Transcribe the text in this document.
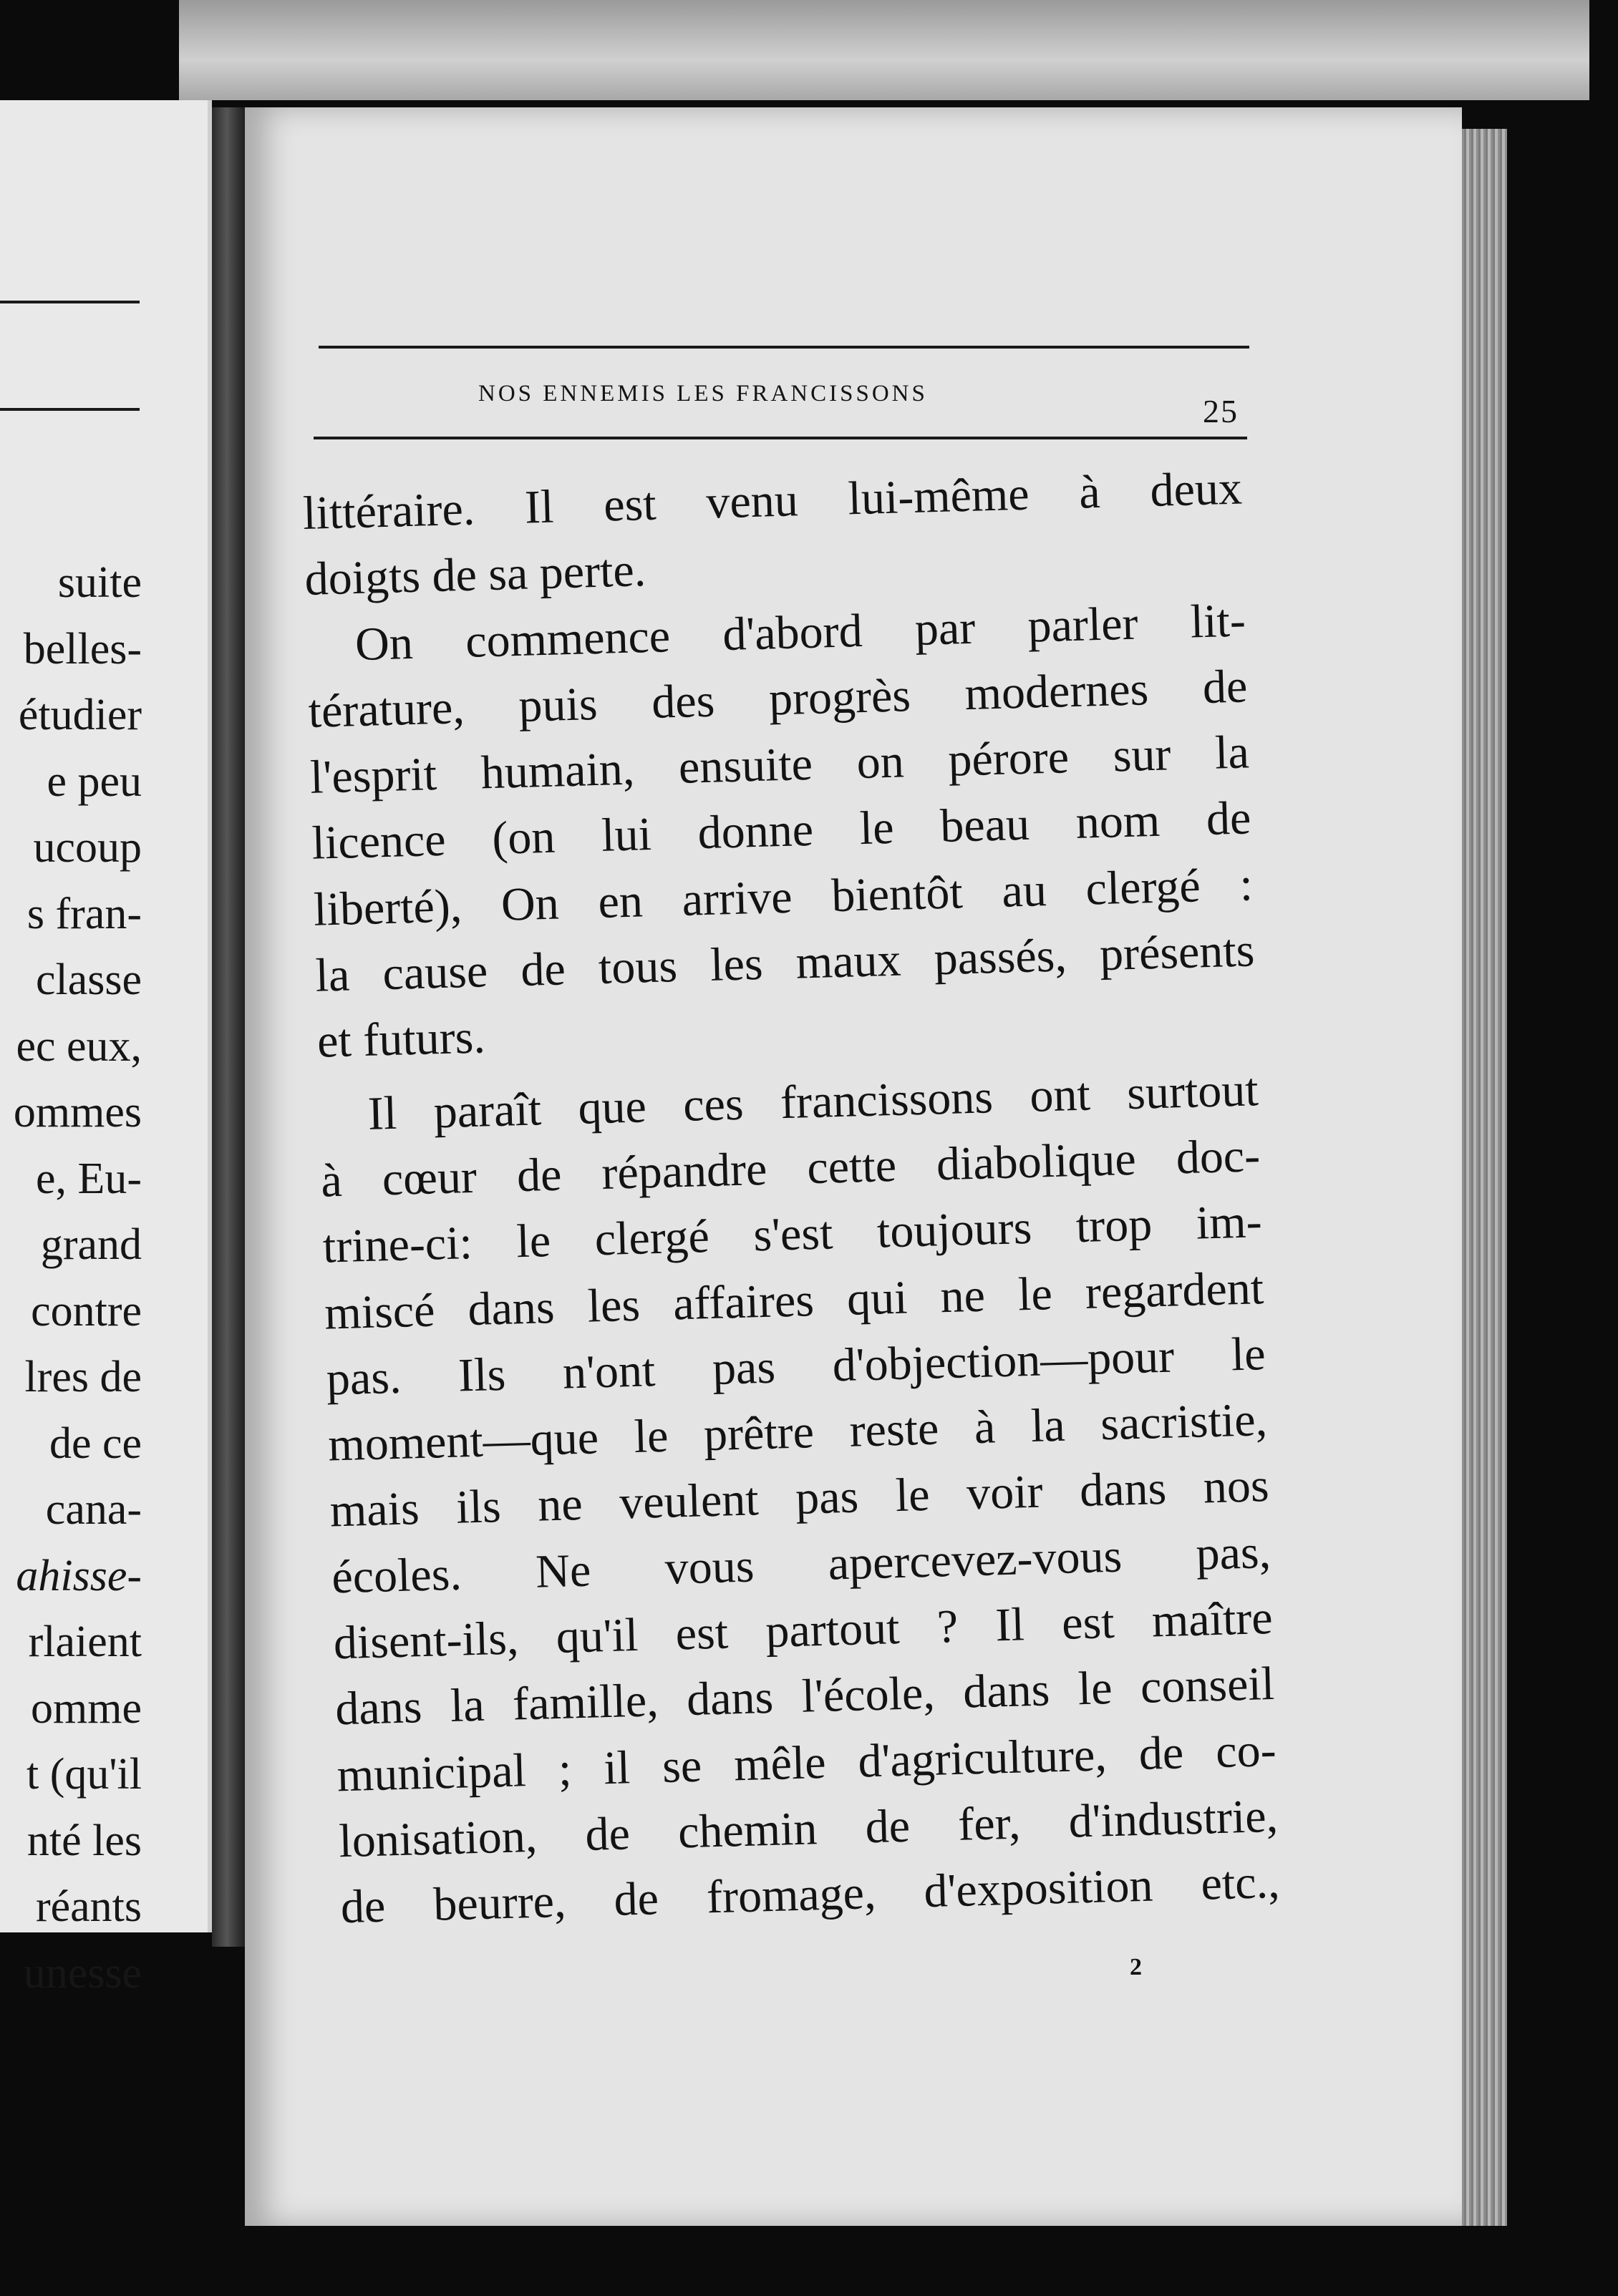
suite
belles-
étudier
e peu
ucoup
s fran-
classe
ec eux,
ommes
e, Eu-
grand
contre
lres de
de ce
cana-
ahisse-
rlaient
omme
t (qu'il
nté les
réants
unesse
NOS ENNEMIS LES FRANCISSONS	25
littéraire. Il est venu lui-même à deux
doigts de sa perte.
On commence d'abord par parler lit-
térature, puis des progrès modernes de
l'esprit humain, ensuite on pérore sur la
licence (on lui donne le beau nom de
liberté), On en arrive bientôt au clergé :
la cause de tous les maux passés, présents
et futurs.
Il paraît que ces francissons ont surtout
à cœur de répandre cette diabolique doc-
trine-ci: le clergé s'est toujours trop im-
miscé dans les affaires qui ne le regardent
pas. Ils n'ont pas d'objection—pour le
moment—que le prêtre reste à la sacristie,
mais ils ne veulent pas le voir dans nos
écoles. Ne vous apercevez-vous pas,
disent-ils, qu'il est partout ? Il est maître
dans la famille, dans l'école, dans le conseil
municipal ; il se mêle d'agriculture, de co-
lonisation, de chemin de fer, d'industrie,
de beurre, de fromage, d'exposition etc.,
2
